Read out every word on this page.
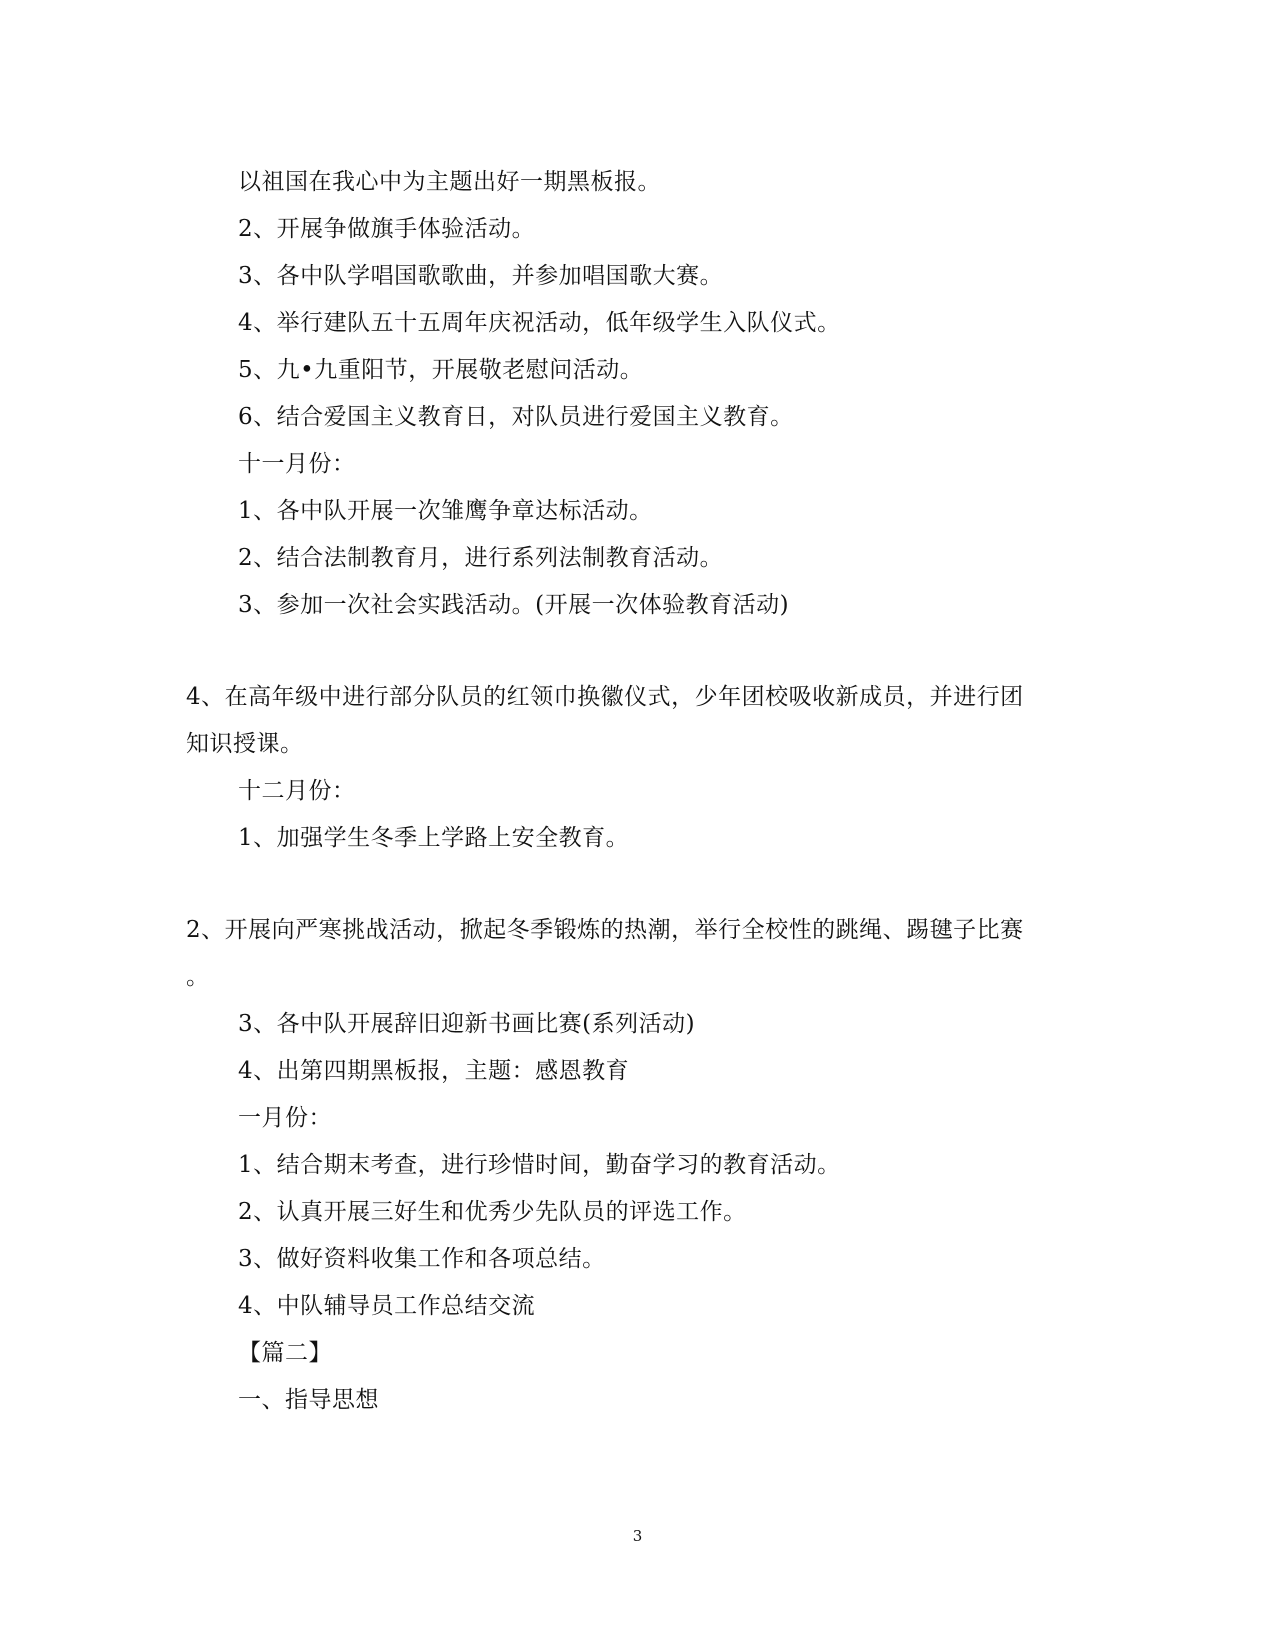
以祖国在我心中为主题出好一期黑板报。
2、开展争做旗手体验活动。
3、各中队学唱国歌歌曲，并参加唱国歌大赛。
4、举行建队五十五周年庆祝活动，低年级学生入队仪式。
5、九•九重阳节，开展敬老慰问活动。
6、结合爱国主义教育日，对队员进行爱国主义教育。
十一月份：
1、各中队开展一次雏鹰争章达标活动。
2、结合法制教育月，进行系列法制教育活动。
3、参加一次社会实践活动。(开展一次体验教育活动)
4、在高年级中进行部分队员的红领巾换徽仪式，少年团校吸收新成员，并进行团
知识授课。
十二月份：
1、加强学生冬季上学路上安全教育。
2、开展向严寒挑战活动，掀起冬季锻炼的热潮，举行全校性的跳绳、踢毽子比赛
。
3、各中队开展辞旧迎新书画比赛(系列活动)
4、出第四期黑板报，主题：感恩教育
一月份：
1、结合期末考查，进行珍惜时间，勤奋学习的教育活动。
2、认真开展三好生和优秀少先队员的评选工作。
3、做好资料收集工作和各项总结。
4、中队辅导员工作总结交流
【篇二】
一、指导思想
3
